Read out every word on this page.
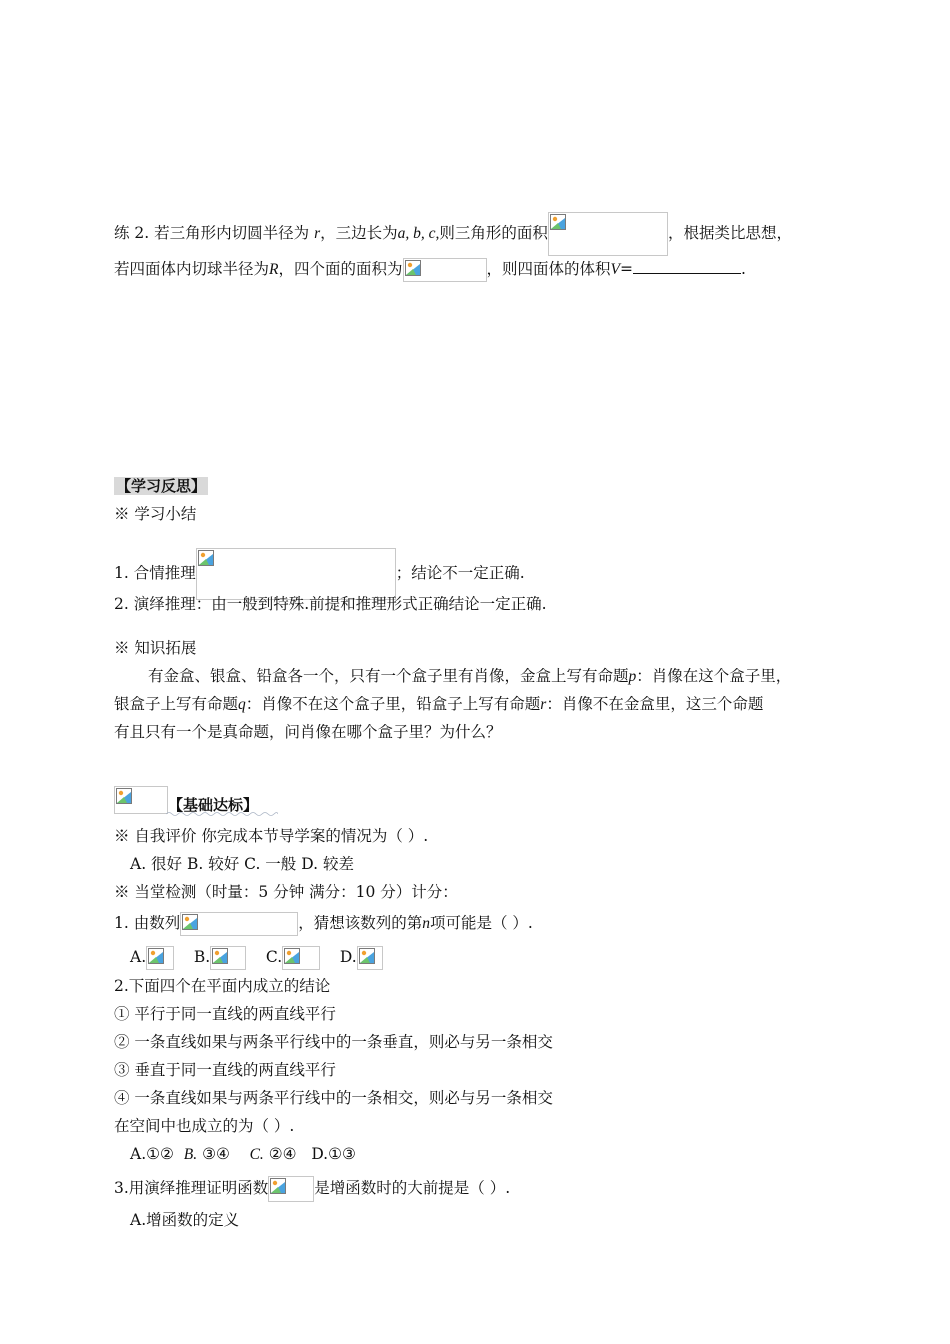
练 2. 若三角形内切圆半径为 r，三边长为a, b, c,则三角形的面积	，根据类比思想，
若四面体内切球半径为R，四个面的面积为	，则四面体的体积V=	.
【学习反思】
※ 学习小结
1. 合情推理	；结论不一定正确.
2. 演绎推理：由一般到特殊.前提和推理形式正确结论一定正确.
※ 知识拓展
有金盒、银盒、铅盒各一个，只有一个盒子里有肖像，金盒上写有命题p：肖像在这个盒子里，
银盒子上写有命题q：肖像不在这个盒子里，铅盒子上写有命题r：肖像不在金盒里，这三个命题
有且只有一个是真命题，问肖像在哪个盒子里？为什么？
【基础达标】
※ 自我评价 你完成本节导学案的情况为（ ）.
A. 很好 B. 较好 C. 一般 D. 较差
※ 当堂检测（时量：5 分钟 满分：10 分）计分：
1. 由数列	，猜想该数列的第n项可能是（ ）.
A.	B.	C.	D.
2.下面四个在平面内成立的结论
① 平行于同一直线的两直线平行
② 一条直线如果与两条平行线中的一条垂直，则必与另一条相交
③ 垂直于同一直线的两直线平行
④ 一条直线如果与两条平行线中的一条相交，则必与另一条相交
在空间中也成立的为（ ）.
A.①② B. ③④ C. ②④ D.①③
3.用演绎推理证明函数	是增函数时的大前提是（ ）.
A.增函数的定义
